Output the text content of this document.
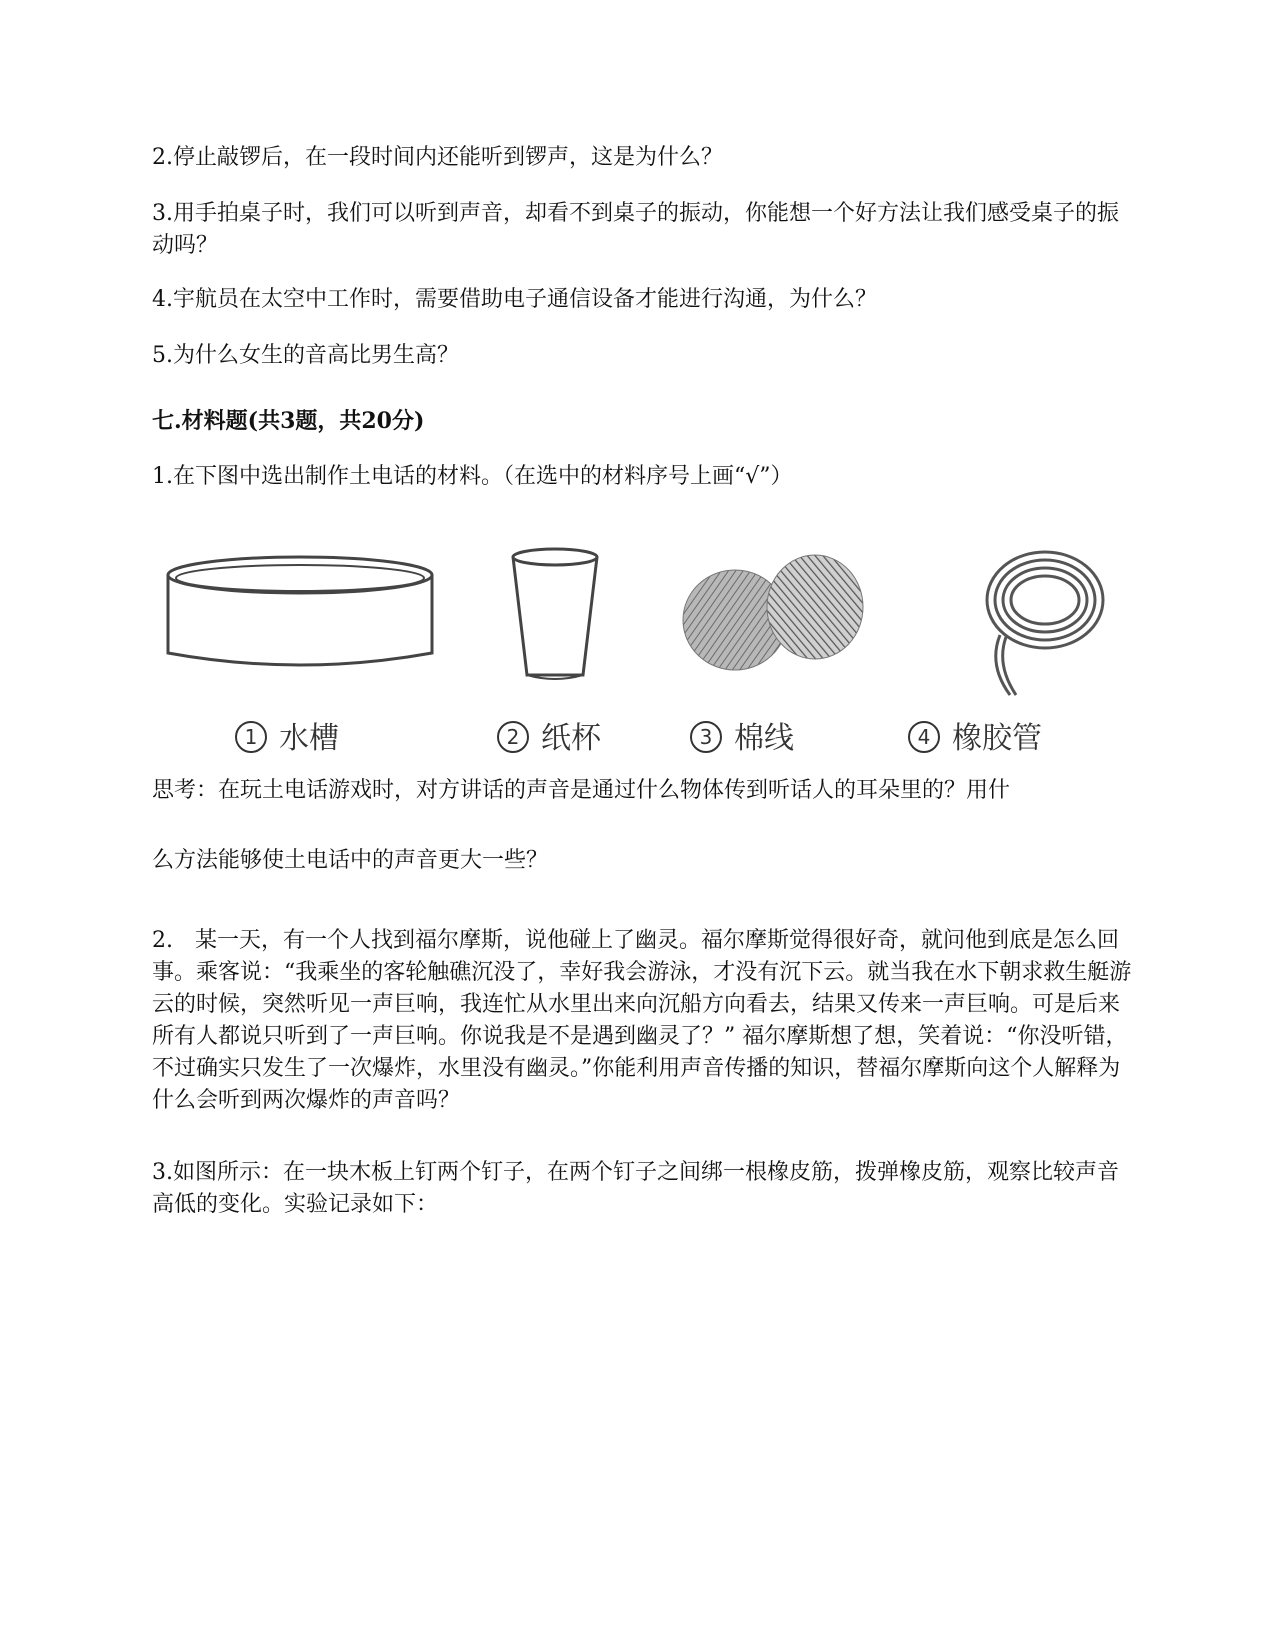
2.停止敲锣后，在一段时间内还能听到锣声，这是为什么？

3.用手拍桌子时，我们可以听到声音，却看不到桌子的振动，你能想一个好方法让我们感受桌子的振动吗？

4.宇航员在太空中工作时，需要借助电子通信设备才能进行沟通，为什么？

5.为什么女生的音高比男生高？

七.材料题(共3题，共20分)

1.在下图中选出制作土电话的材料。（在选中的材料序号上画“√”）

1 水槽	2 纸杯	3 棉线	4 橡胶管

思考：在玩土电话游戏时，对方讲话的声音是通过什么物体传到听话人的耳朵里的？用什

么方法能够使土电话中的声音更大一些？

2.　某一天，有一个人找到福尔摩斯，说他碰上了幽灵。福尔摩斯觉得很好奇，就问他到底是怎么回事。乘客说：“我乘坐的客轮触礁沉没了，幸好我会游泳，才没有沉下云。就当我在水下朝求救生艇游云的时候，突然听见一声巨响，我连忙从水里出来向沉船方向看去，结果又传来一声巨响。可是后来所有人都说只听到了一声巨响。你说我是不是遇到幽灵了？” 福尔摩斯想了想，笑着说：“你没听错，不过确实只发生了一次爆炸，水里没有幽灵。”你能利用声音传播的知识，替福尔摩斯向这个人解释为什么会听到两次爆炸的声音吗？

3.如图所示：在一块木板上钉两个钉子，在两个钉子之间绑一根橡皮筋，拨弹橡皮筋，观察比较声音高低的变化。实验记录如下：
